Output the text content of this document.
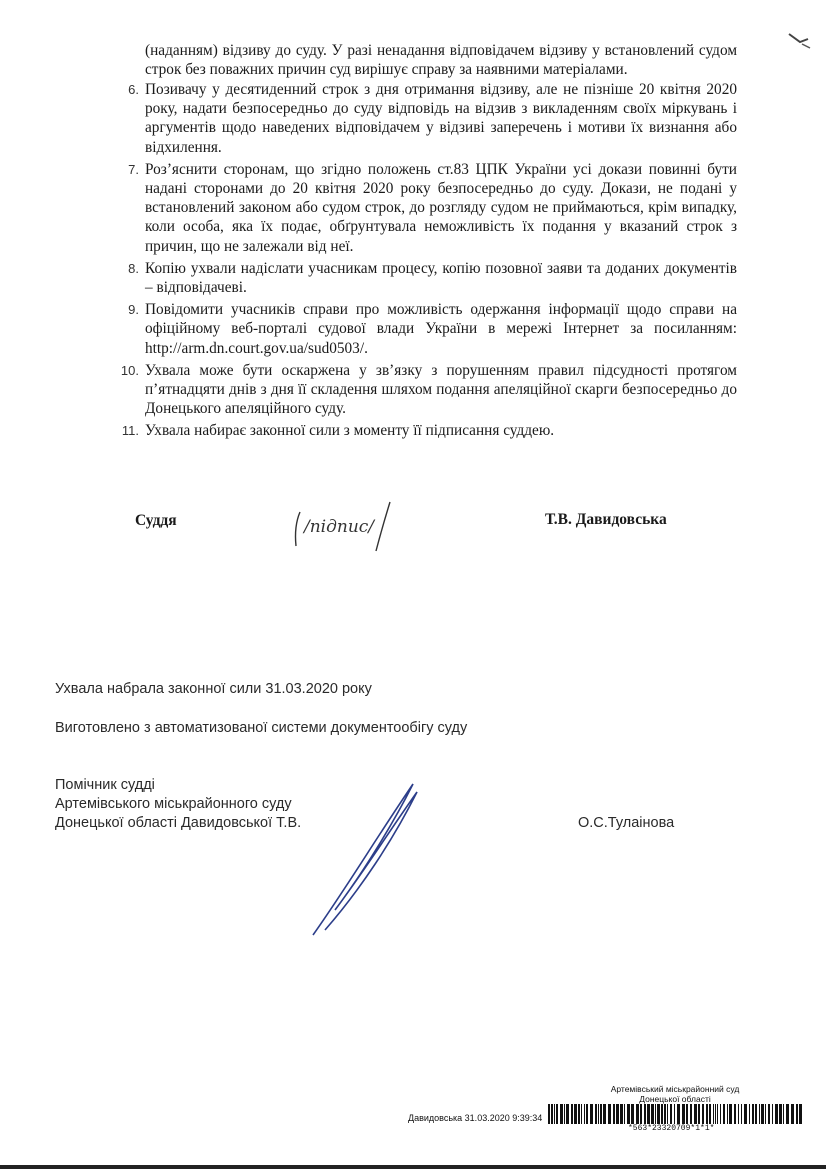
(наданням) відзиву до суду. У разі ненадання відповідачем відзиву у встановлений судом строк без поважних причин суд вирішує справу за наявними матеріалами.
6. Позивачу у десятиденний строк з дня отримання відзиву, але не пізніше 20 квітня 2020 року, надати безпосередньо до суду відповідь на відзив з викладенням своїх міркувань і аргументів щодо наведених відповідачем у відзиві заперечень і мотиви їх визнання або відхилення.
7. Роз’яснити сторонам, що згідно положень ст.83 ЦПК України усі докази повинні бути надані сторонами до 20 квітня 2020 року безпосередньо до суду. Докази, не подані у встановлений законом або судом строк, до розгляду судом не приймаються, крім випадку, коли особа, яка їх подає, обґрунтувала неможливість їх подання у вказаний строк з причин, що не залежали від неї.
8. Копію ухвали надіслати учасникам процесу, копію позовної заяви та доданих документів – відповідачеві.
9. Повідомити учасників справи про можливість одержання інформації щодо справи на офіційному веб-порталі судової влади України в мережі Інтернет за посиланням: http://arm.dn.court.gov.ua/sud0503/.
10. Ухвала може бути оскаржена у зв’язку з порушенням правил підсудності протягом п’ятнадцяти днів з дня її складення шляхом подання апеляційної скарги безпосередньо до Донецького апеляційного суду.
11. Ухвала набирає законної сили з моменту її підписання суддею.
Суддя	/підпис/	Т.В. Давидовська
Ухвала набрала законної сили 31.03.2020 року
Виготовлено з автоматизованої системи документообігу суду
Помічник судді
Артемівського міськрайонного суду
Донецької області Давидовської Т.В.	О.С.Тулаінова
Артемівський міськрайонний суд
Донецької області
Давидовська 31.03.2020 9:39:34
*563*23320709*1*1*
